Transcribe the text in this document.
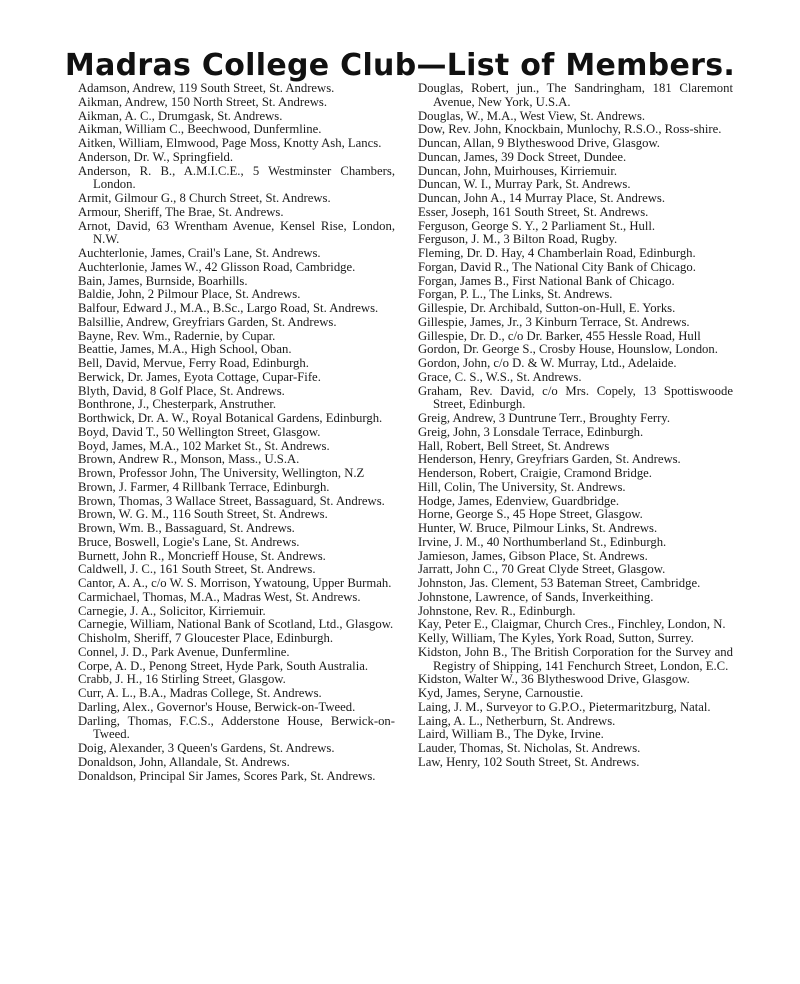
Madras College Club—List of Members.
Adamson, Andrew, 119 South Street, St. Andrews.
Aikman, Andrew, 150 North Street, St. Andrews.
Aikman, A. C., Drumgask, St. Andrews.
Aikman, William C., Beechwood, Dunfermline.
Aitken, William, Elmwood, Page Moss, Knotty Ash, Lancs.
Anderson, Dr. W., Springfield.
Anderson, R. B., A.M.I.C.E., 5 Westminster Chambers, London.
Armit, Gilmour G., 8 Church Street, St. Andrews.
Armour, Sheriff, The Brae, St. Andrews.
Arnot, David, 63 Wrentham Avenue, Kensel Rise, London, N.W.
Auchterlonie, James, Crail's Lane, St. Andrews.
Auchterlonie, James W., 42 Glisson Road, Cambridge.
Bain, James, Burnside, Boarhills.
Baldie, John, 2 Pilmour Place, St. Andrews.
Balfour, Edward J., M.A., B.Sc., Largo Road, St. Andrews.
Balsillie, Andrew, Greyfriars Garden, St. Andrews.
Bayne, Rev. Wm., Radernie, by Cupar.
Beattie, James, M.A., High School, Oban.
Bell, David, Mervue, Ferry Road, Edinburgh.
Berwick, Dr. James, Eyota Cottage, Cupar-Fife.
Blyth, David, 8 Golf Place, St. Andrews.
Bonthrone, J., Chesterpark, Anstruther.
Borthwick, Dr. A. W., Royal Botanical Gardens, Edinburgh.
Boyd, David T., 50 Wellington Street, Glasgow.
Boyd, James, M.A., 102 Market St., St. Andrews.
Brown, Andrew R., Monson, Mass., U.S.A.
Brown, Professor John, The University, Wellington, N.Z
Brown, J. Farmer, 4 Rillbank Terrace, Edinburgh.
Brown, Thomas, 3 Wallace Street, Bassaguard, St. Andrews.
Brown, W. G. M., 116 South Street, St. Andrews.
Brown, Wm. B., Bassaguard, St. Andrews.
Bruce, Boswell, Logie's Lane, St. Andrews.
Burnett, John R., Moncrieff House, St. Andrews.
Caldwell, J. C., 161 South Street, St. Andrews.
Cantor, A. A., c/o W. S. Morrison, Ywatoung, Upper Burmah.
Carmichael, Thomas, M.A., Madras West, St. Andrews.
Carnegie, J. A., Solicitor, Kirriemuir.
Carnegie, William, National Bank of Scotland, Ltd., Glasgow.
Chisholm, Sheriff, 7 Gloucester Place, Edinburgh.
Connel, J. D., Park Avenue, Dunfermline.
Corpe, A. D., Penong Street, Hyde Park, South Australia.
Crabb, J. H., 16 Stirling Street, Glasgow.
Curr, A. L., B.A., Madras College, St. Andrews.
Darling, Alex., Governor's House, Berwick-on-Tweed.
Darling, Thomas, F.C.S., Adderstone House, Berwick-on-Tweed.
Doig, Alexander, 3 Queen's Gardens, St. Andrews.
Donaldson, John, Allandale, St. Andrews.
Donaldson, Principal Sir James, Scores Park, St. Andrews.
Douglas, Robert, jun., The Sandringham, 181 Claremont Avenue, New York, U.S.A.
Douglas, W., M.A., West View, St. Andrews.
Dow, Rev. John, Knockbain, Munlochy, R.S.O., Ross-shire.
Duncan, Allan, 9 Blytheswood Drive, Glasgow.
Duncan, James, 39 Dock Street, Dundee.
Duncan, John, Muirhouses, Kirriemuir.
Duncan, W. I., Murray Park, St. Andrews.
Duncan, John A., 14 Murray Place, St. Andrews.
Esser, Joseph, 161 South Street, St. Andrews.
Ferguson, George S. Y., 2 Parliament St., Hull.
Ferguson, J. M., 3 Bilton Road, Rugby.
Fleming, Dr. D. Hay, 4 Chamberlain Road, Edinburgh.
Forgan, David R., The National City Bank of Chicago.
Forgan, James B., First National Bank of Chicago.
Forgan, P. L., The Links, St. Andrews.
Gillespie, Dr. Archibald, Sutton-on-Hull, E. Yorks.
Gillespie, James, Jr., 3 Kinburn Terrace, St. Andrews.
Gillespie, Dr. D., c/o Dr. Barker, 455 Hessle Road, Hull
Gordon, Dr. George S., Crosby House, Hounslow, London.
Gordon, John, c/o D. & W. Murray, Ltd., Adelaide.
Grace, C. S., W.S., St. Andrews.
Graham, Rev. David, c/o Mrs. Copely, 13 Spottiswoode Street, Edinburgh.
Greig, Andrew, 3 Duntrune Terr., Broughty Ferry.
Greig, John, 3 Lonsdale Terrace, Edinburgh.
Hall, Robert, Bell Street, St. Andrews
Henderson, Henry, Greyfriars Garden, St. Andrews.
Henderson, Robert, Craigie, Cramond Bridge.
Hill, Colin, The University, St. Andrews.
Hodge, James, Edenview, Guardbridge.
Horne, George S., 45 Hope Street, Glasgow.
Hunter, W. Bruce, Pilmour Links, St. Andrews.
Irvine, J. M., 40 Northumberland St., Edinburgh.
Jamieson, James, Gibson Place, St. Andrews.
Jarratt, John C., 70 Great Clyde Street, Glasgow.
Johnston, Jas. Clement, 53 Bateman Street, Cambridge.
Johnstone, Lawrence, of Sands, Inverkeithing.
Johnstone, Rev. R., Edinburgh.
Kay, Peter E., Claigmar, Church Cres., Finchley, London, N.
Kelly, William, The Kyles, York Road, Sutton, Surrey.
Kidston, John B., The British Corporation for the Survey and Registry of Shipping, 141 Fenchurch Street, London, E.C.
Kidston, Walter W., 36 Blytheswood Drive, Glasgow.
Kyd, James, Seryne, Carnoustie.
Laing, J. M., Surveyor to G.P.O., Pietermaritzburg, Natal.
Laing, A. L., Netherburn, St. Andrews.
Laird, William B., The Dyke, Irvine.
Lauder, Thomas, St. Nicholas, St. Andrews.
Law, Henry, 102 South Street, St. Andrews.
